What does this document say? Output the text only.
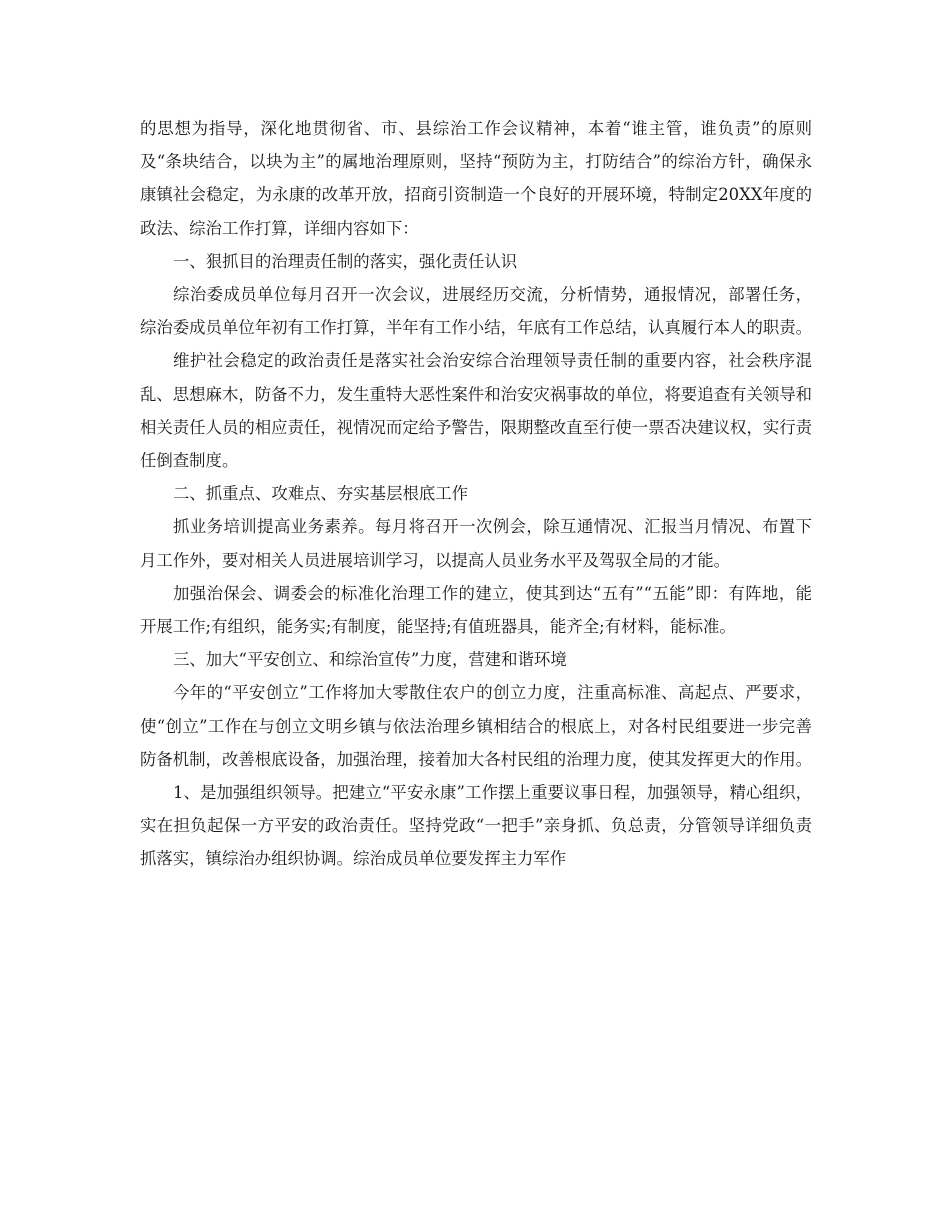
的思想为指导，深化地贯彻省、市、县综治工作会议精神，本着“谁主管，谁负责”的原则及“条块结合，以块为主”的属地治理原则，坚持“预防为主，打防结合”的综治方针，确保永康镇社会稳定，为永康的改革开放，招商引资制造一个良好的开展环境，特制定20XX年度的政法、综治工作打算，详细内容如下：

一、狠抓目的治理责任制的落实，强化责任认识

综治委成员单位每月召开一次会议，进展经历交流，分析情势，通报情况，部署任务，综治委成员单位年初有工作打算，半年有工作小结，年底有工作总结，认真履行本人的职责。

维护社会稳定的政治责任是落实社会治安综合治理领导责任制的重要内容，社会秩序混乱、思想麻木，防备不力，发生重特大恶性案件和治安灾祸事故的单位，将要追查有关领导和相关责任人员的相应责任，视情况而定给予警告，限期整改直至行使一票否决建议权，实行责任倒查制度。

二、抓重点、攻难点、夯实基层根底工作

抓业务培训提高业务素养。每月将召开一次例会，除互通情况、汇报当月情况、布置下月工作外，要对相关人员进展培训学习，以提高人员业务水平及驾驭全局的才能。

加强治保会、调委会的标准化治理工作的建立，使其到达“五有”“五能”即：有阵地，能开展工作;有组织，能务实;有制度，能坚持;有值班器具，能齐全;有材料，能标准。

三、加大“平安创立、和综治宣传”力度，营建和谐环境

今年的“平安创立”工作将加大零散住农户的创立力度，注重高标准、高起点、严要求，使“创立”工作在与创立文明乡镇与依法治理乡镇相结合的根底上，对各村民组要进一步完善防备机制，改善根底设备，加强治理，接着加大各村民组的治理力度，使其发挥更大的作用。

1、是加强组织领导。把建立“平安永康”工作摆上重要议事日程，加强领导，精心组织，实在担负起保一方平安的政治责任。坚持党政“一把手”亲身抓、负总责，分管领导详细负责抓落实，镇综治办组织协调。综治成员单位要发挥主力军作
